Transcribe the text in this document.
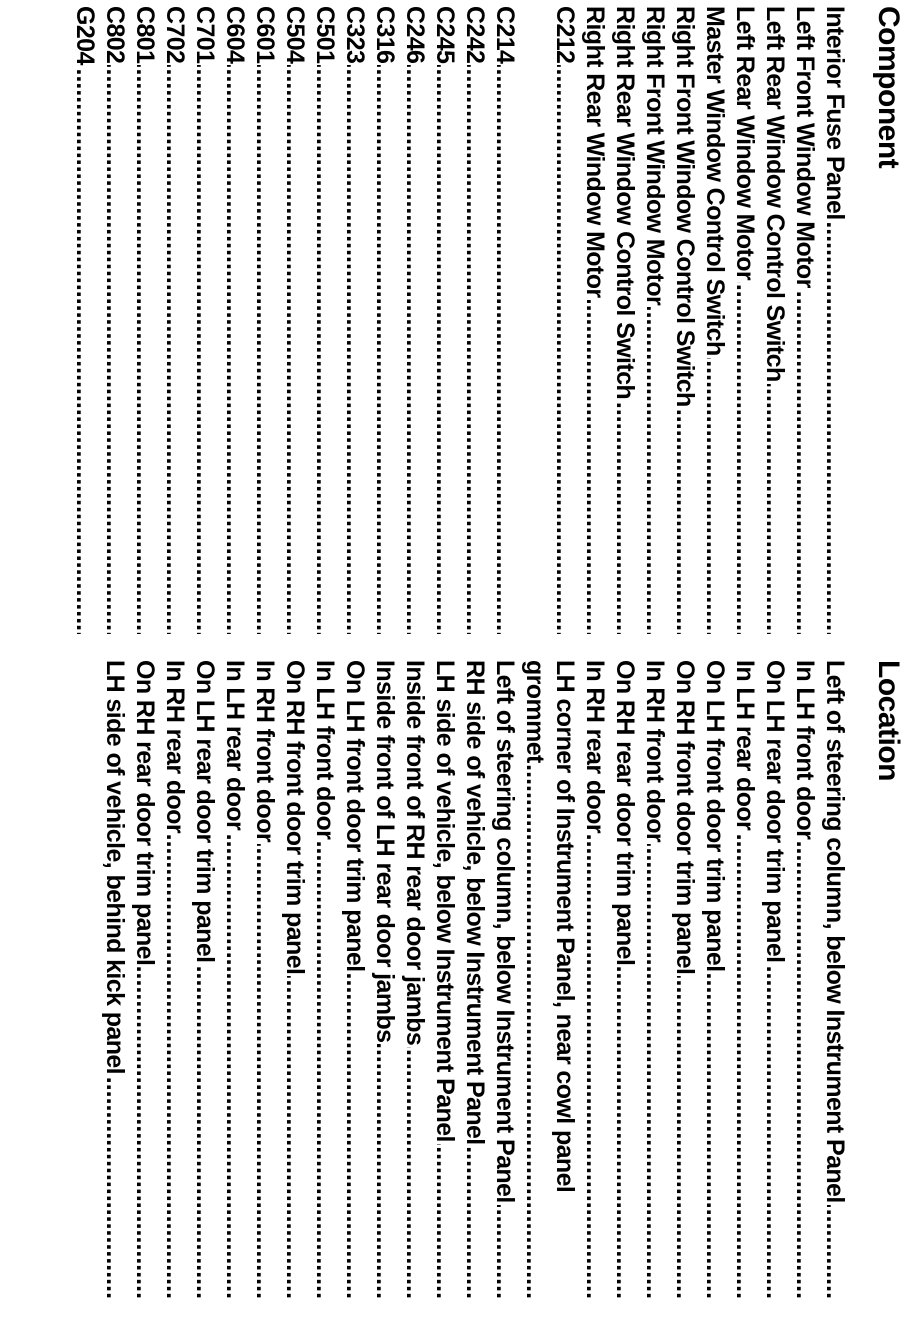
Component
Interior Fuse Panel .....
Left Front Window Motor .....
Left Rear Window Control Switch .....
Left Rear Window Motor .....
Master Window Control Switch .....
Right Front Window Control Switch .....
Right Front Window Motor .....
Right Rear Window Control Switch .....
Right Rear Window Motor .....
C212 .....
C214 .....
C242 .....
C245 .....
C246 .....
C316 .....
C323 .....
C501 .....
C504 .....
C601 .....
C604 .....
C701 .....
C702 .....
C801 .....
C802 .....
G204 .....
Location
Left of steering column, below Instrument Panel .....
In LH front door .....
On LH rear door trim panel .....
In LH rear door .....
On LH front door trim panel .....
On RH front door trim panel .....
In RH front door .....
On RH rear door trim panel .....
In RH rear door .....
LH corner of Instrument Panel, near cowl panel
grommet .....
Left of steering column, below Instrument Panel .....
RH side of vehicle, below Instrument Panel .....
LH side of vehicle, below Instrument Panel .....
Inside front of RH rear door jambs .....
Inside front of LH rear door jambs .....
On LH front door trim panel .....
In LH front door .....
On RH front door trim panel .....
In RH front door .....
In LH rear door .....
On LH rear door trim panel .....
In RH rear door .....
On RH rear door trim panel .....
LH side of vehicle, behind kick panel .....
